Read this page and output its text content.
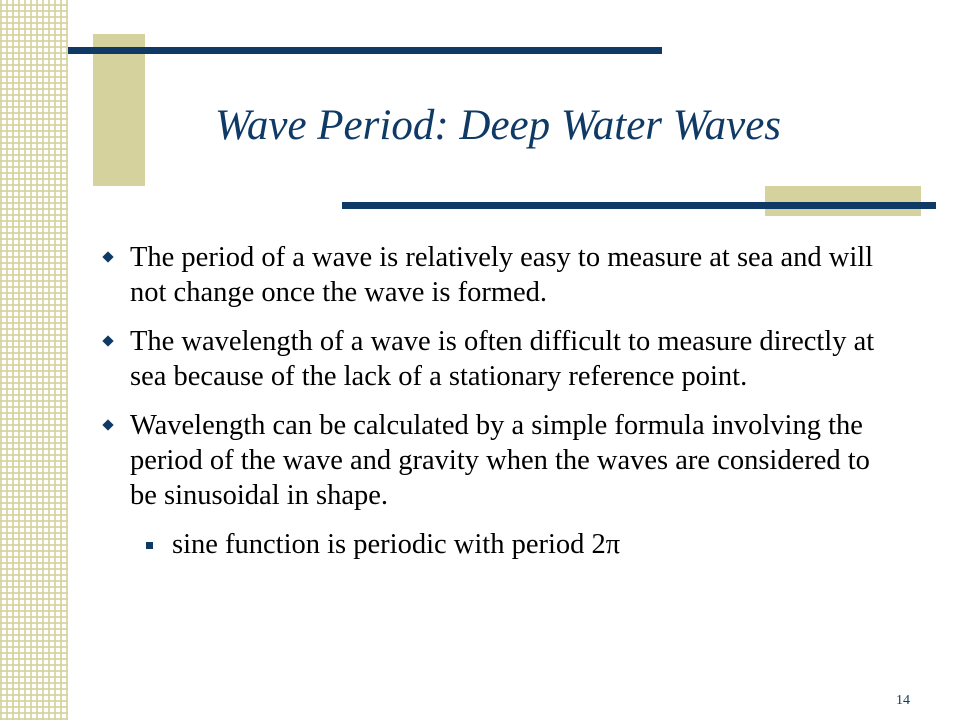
Wave Period: Deep Water Waves
The period of a wave is relatively easy to measure at sea and will not change once the wave is formed.
The wavelength of a wave is often difficult to measure directly at sea because of the lack of a stationary reference point.
Wavelength can be calculated by a simple formula involving the period of the wave and gravity when the waves are considered to be sinusoidal in shape.
sine function is periodic with period 2π
14
